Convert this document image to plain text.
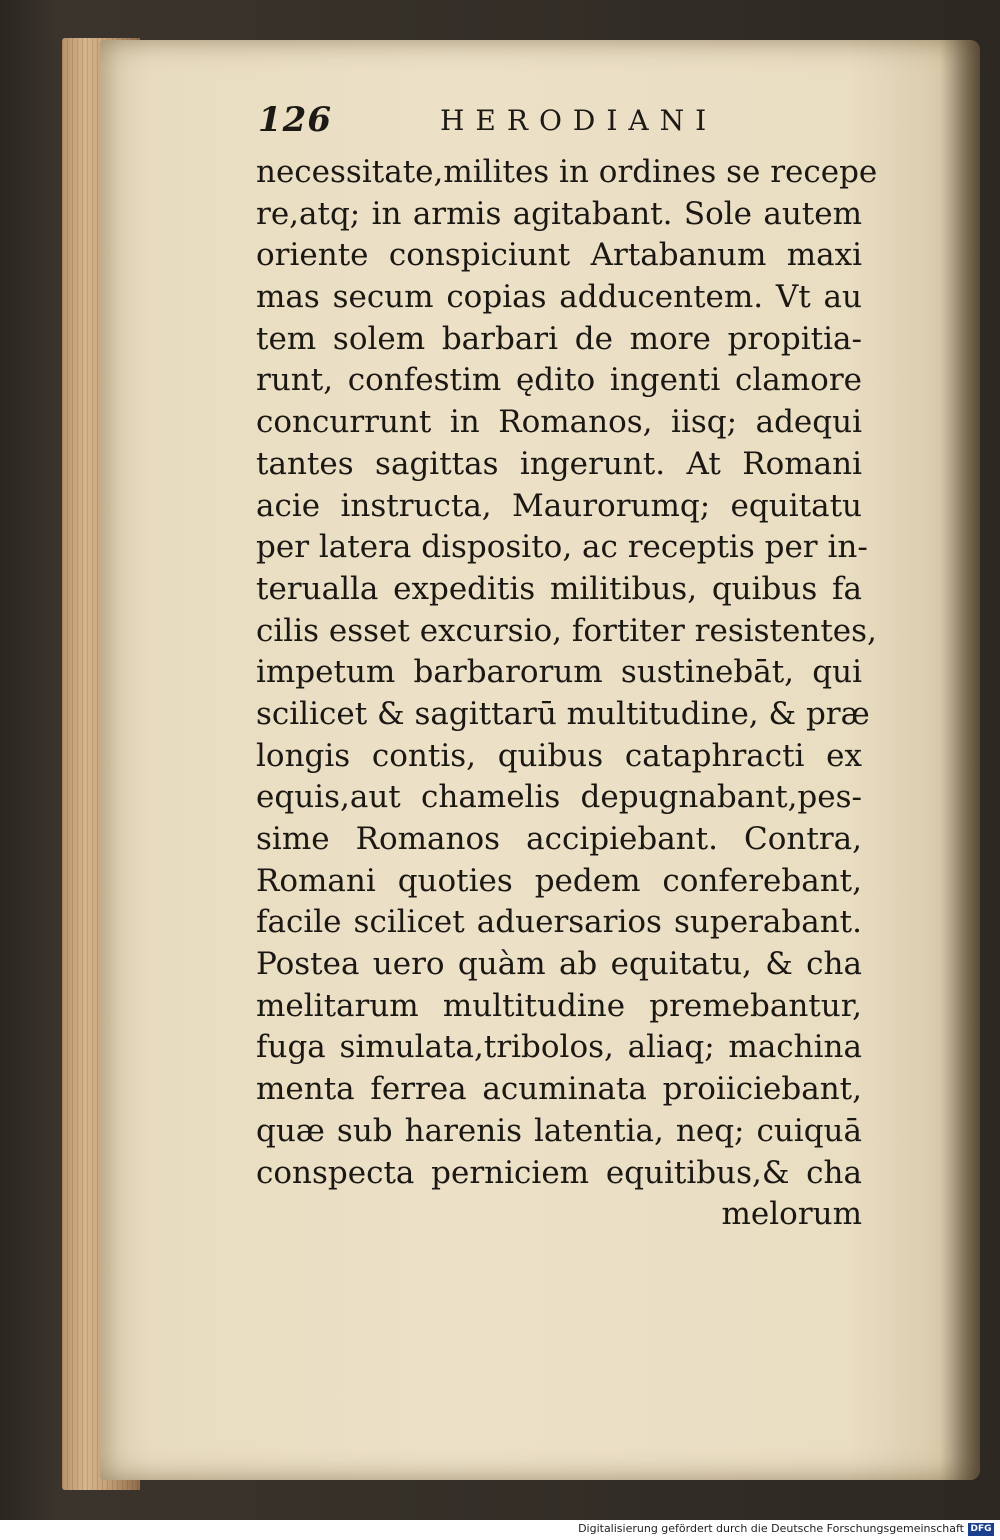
126	HERODIANI
necessitate,milites in ordines se recepe
re,atq; in armis agitabant. Sole autem
oriente conspiciunt Artabanum maxi
mas secum copias adducentem. Vt au
tem solem barbari de more propitia-
runt, confestim ędito ingenti clamore
concurrunt in Romanos, iisq; adequi
tantes sagittas ingerunt. At Romani
acie instructa, Maurorumq; equitatu
per latera disposito, ac receptis per in-
terualla expeditis militibus, quibus fa
cilis esset excursio, fortiter resistentes,
impetum barbarorum sustinebāt, qui
scilicet & sagittarū multitudine, & præ
longis contis, quibus cataphracti ex
equis,aut chamelis depugnabant,pes-
sime Romanos accipiebant. Contra,
Romani quoties pedem conferebant,
facile scilicet aduersarios superabant.
Postea uero quàm ab equitatu, & cha
melitarum multitudine premebantur,
fuga simulata,tribolos, aliaq; machina
menta ferrea acuminata proiiciebant,
quæ sub harenis latentia, neq; cuiquā
conspecta perniciem equitibus,& cha
melorum
Digitalisierung gefördert durch die Deutsche Forschungsgemeinschaft DFG
